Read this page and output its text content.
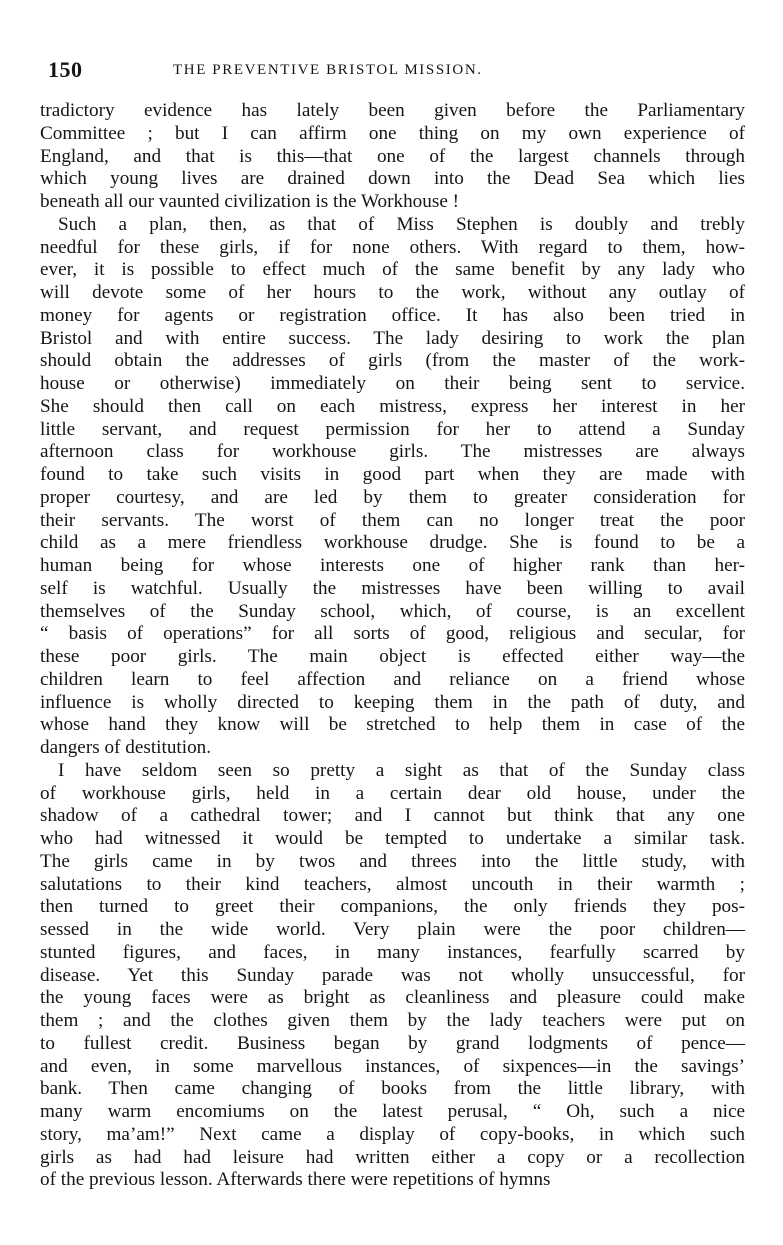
150	THE PREVENTIVE BRISTOL MISSION.
tradictory evidence has lately been given before the Parliamentary
Committee ; but I can affirm one thing on my own experience of
England, and that is this—that one of the largest channels through
which young lives are drained down into the Dead Sea which lies
beneath all our vaunted civilization is the Workhouse !
Such a plan, then, as that of Miss Stephen is doubly and trebly
needful for these girls, if for none others. With regard to them, how-
ever, it is possible to effect much of the same benefit by any lady who
will devote some of her hours to the work, without any outlay of
money for agents or registration office. It has also been tried in
Bristol and with entire success. The lady desiring to work the plan
should obtain the addresses of girls (from the master of the work-
house or otherwise) immediately on their being sent to service.
She should then call on each mistress, express her interest in her
little servant, and request permission for her to attend a Sunday
afternoon class for workhouse girls. The mistresses are always
found to take such visits in good part when they are made with
proper courtesy, and are led by them to greater consideration for
their servants. The worst of them can no longer treat the poor
child as a mere friendless workhouse drudge. She is found to be a
human being for whose interests one of higher rank than her-
self is watchful. Usually the mistresses have been willing to avail
themselves of the Sunday school, which, of course, is an excellent
“ basis of operations” for all sorts of good, religious and secular, for
these poor girls. The main object is effected either way—the
children learn to feel affection and reliance on a friend whose
influence is wholly directed to keeping them in the path of duty, and
whose hand they know will be stretched to help them in case of the
dangers of destitution.
I have seldom seen so pretty a sight as that of the Sunday class
of workhouse girls, held in a certain dear old house, under the
shadow of a cathedral tower; and I cannot but think that any one
who had witnessed it would be tempted to undertake a similar task.
The girls came in by twos and threes into the little study, with
salutations to their kind teachers, almost uncouth in their warmth ;
then turned to greet their companions, the only friends they pos-
sessed in the wide world. Very plain were the poor children—
stunted figures, and faces, in many instances, fearfully scarred by
disease. Yet this Sunday parade was not wholly unsuccessful, for
the young faces were as bright as cleanliness and pleasure could make
them ; and the clothes given them by the lady teachers were put on
to fullest credit. Business began by grand lodgments of pence—
and even, in some marvellous instances, of sixpences—in the savings’
bank. Then came changing of books from the little library, with
many warm encomiums on the latest perusal, “ Oh, such a nice
story, ma’am!” Next came a display of copy-books, in which such
girls as had had leisure had written either a copy or a recollection
of the previous lesson. Afterwards there were repetitions of hymns
